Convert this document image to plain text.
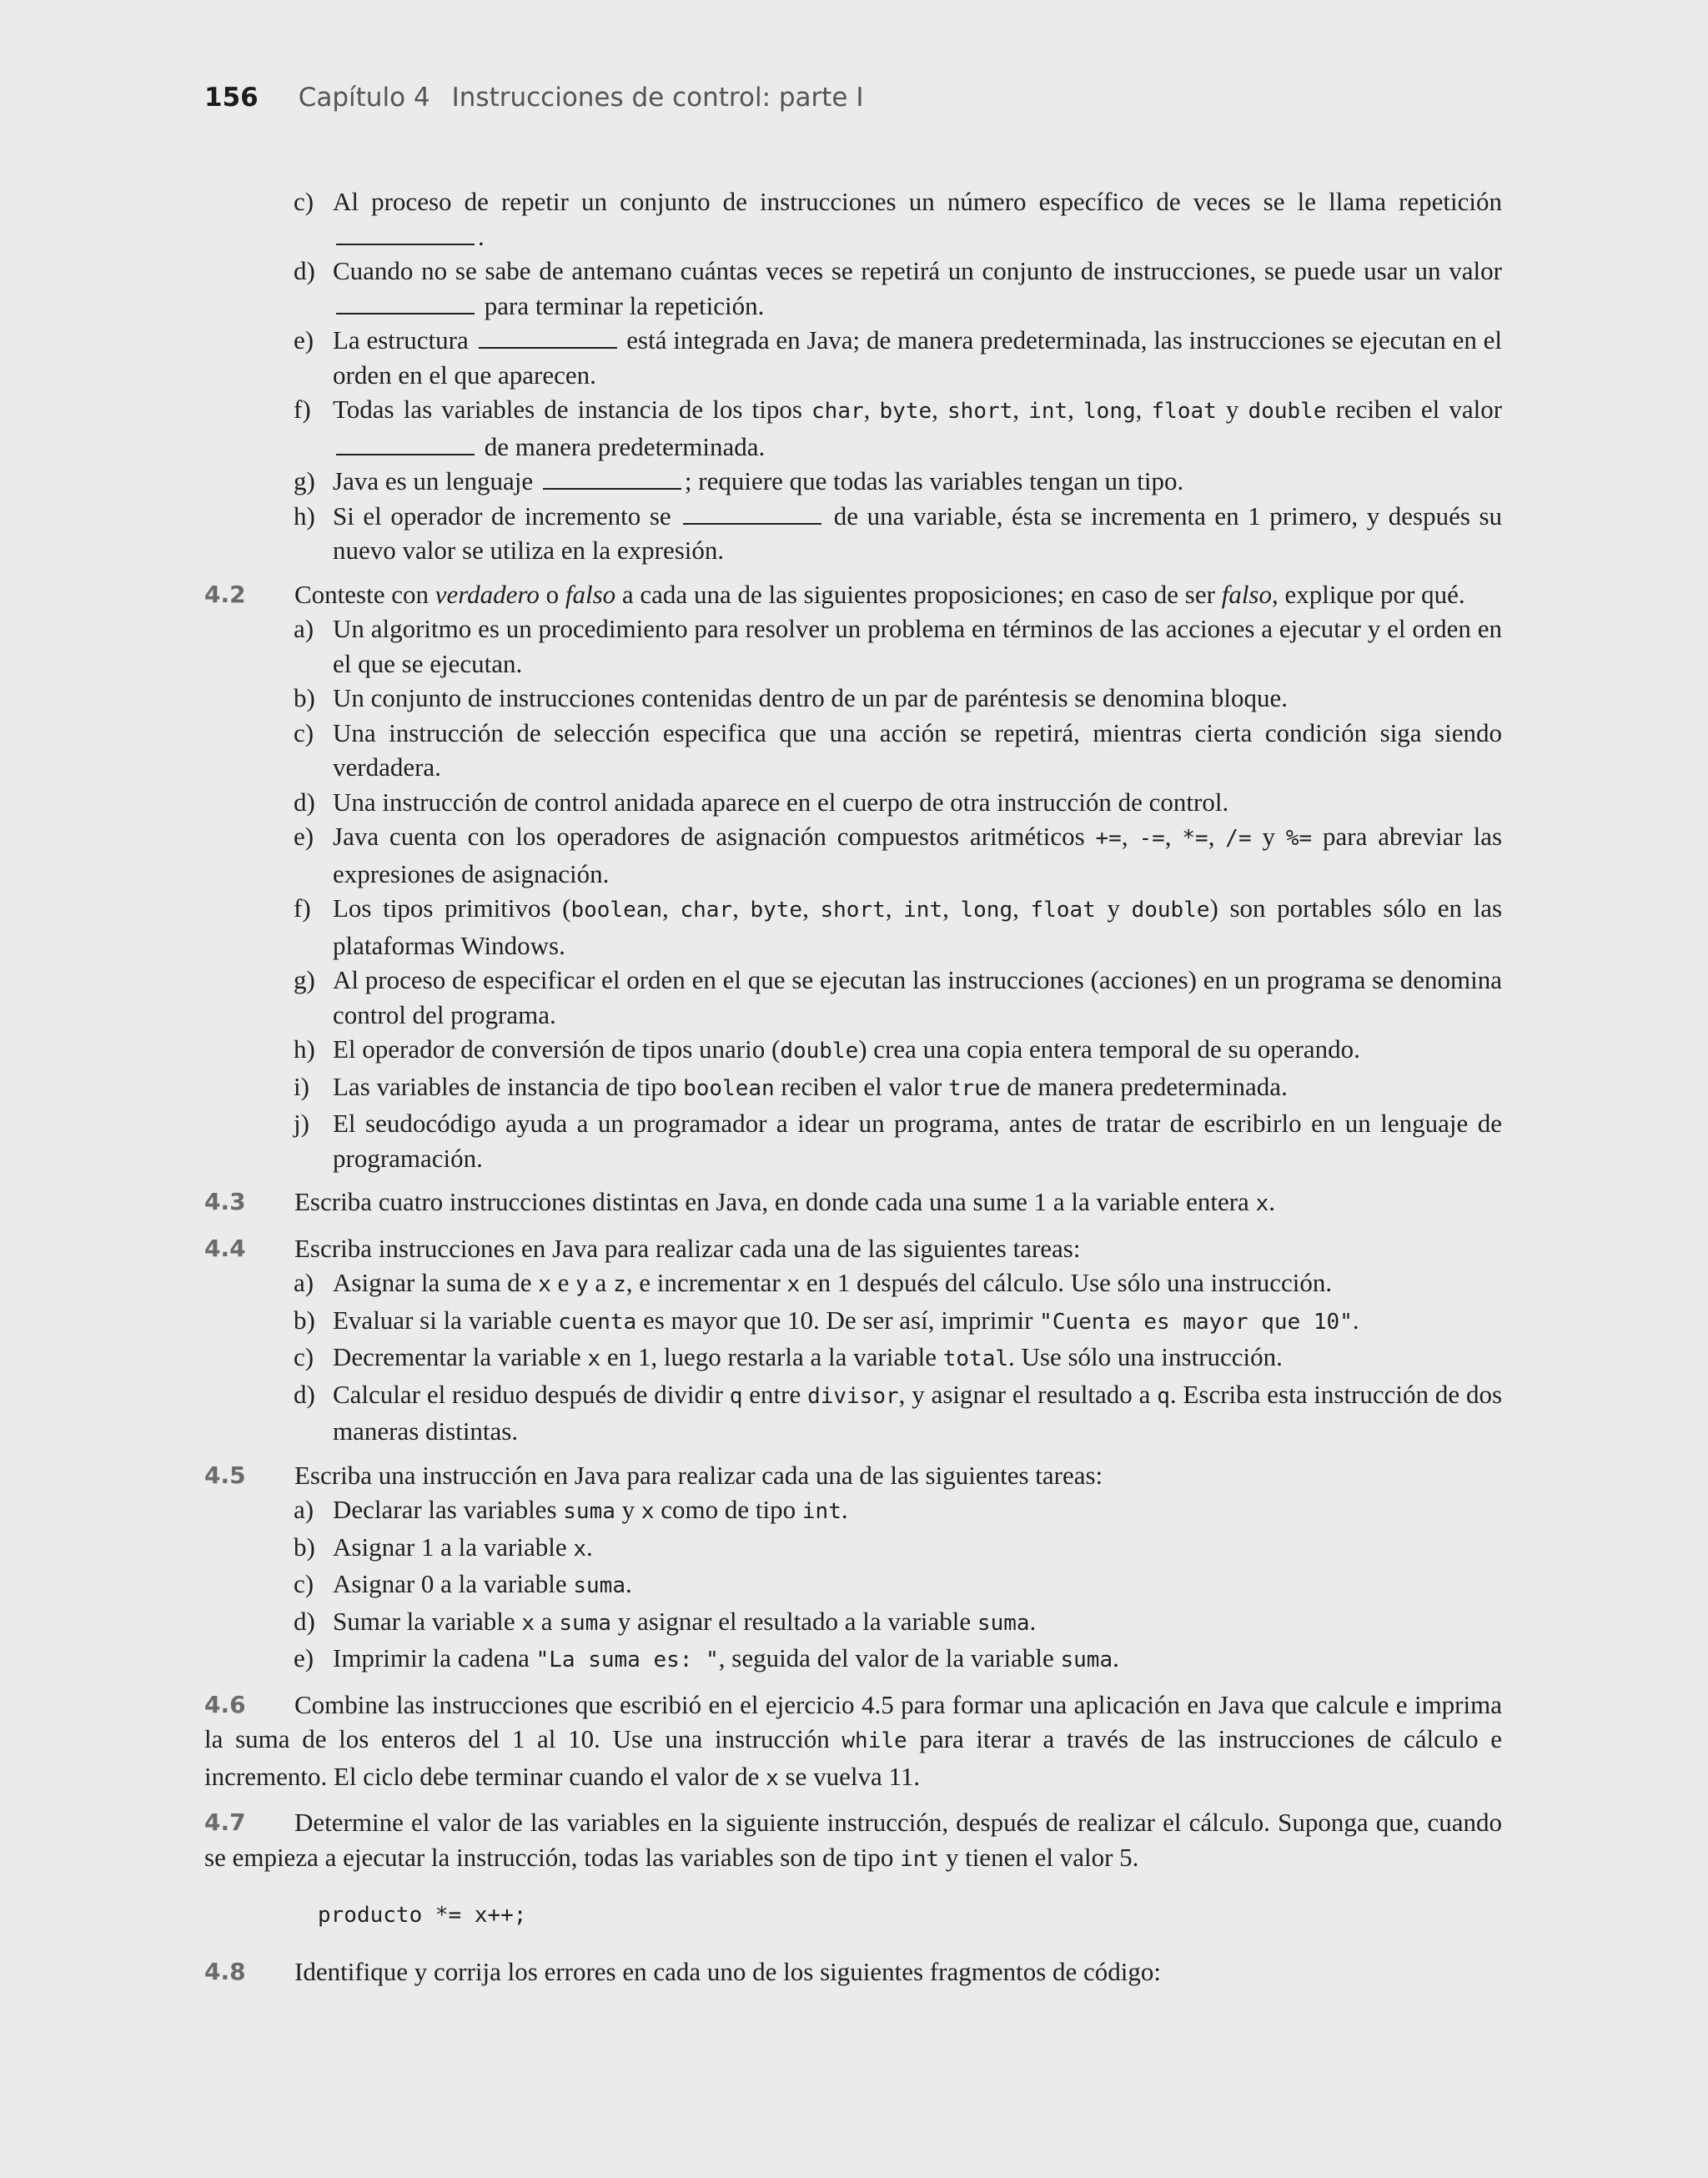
156 Capítulo 4 Instrucciones de control: parte I
c) Al proceso de repetir un conjunto de instrucciones un número específico de veces se le llama repetición .
d) Cuando no se sabe de antemano cuántas veces se repetirá un conjunto de instrucciones, se puede usar un valor  para terminar la repetición.
e) La estructura	está integrada en Java; de manera predeterminada, las instrucciones se ejecutan en el orden en el que aparecen.
f) Todas las variables de instancia de los tipos char, byte, short, int, long, float y double reciben el valor  de manera predeterminada.
g) Java es un lenguaje	; requiere que todas las variables tengan un tipo.
h) Si el operador de incremento se	de una variable, ésta se incrementa en 1 primero, y después su nuevo valor se utiliza en la expresión.

4.2 Conteste con verdadero o falso a cada una de las siguientes proposiciones; en caso de ser falso, explique por qué.

a) Un algoritmo es un procedimiento para resolver un problema en términos de las acciones a ejecutar y el orden en el que se ejecutan.
b) Un conjunto de instrucciones contenidas dentro de un par de paréntesis se denomina bloque.
c) Una instrucción de selección especifica que una acción se repetirá, mientras cierta condición siga siendo verdadera.
d) Una instrucción de control anidada aparece en el cuerpo de otra instrucción de control.
e) Java cuenta con los operadores de asignación compuestos aritméticos +=, -=, *=, /= y %= para abreviar las expresiones de asignación.
f) Los tipos primitivos (boolean, char, byte, short, int, long, float y double) son portables sólo en las plataformas Windows.
g) Al proceso de especificar el orden en el que se ejecutan las instrucciones (acciones) en un programa se denomina control del programa.
h) El operador de conversión de tipos unario (double) crea una copia entera temporal de su operando.
i) Las variables de instancia de tipo boolean reciben el valor true de manera predeterminada.
j) El seudocódigo ayuda a un programador a idear un programa, antes de tratar de escribirlo en un lenguaje de programación.

4.3 Escriba cuatro instrucciones distintas en Java, en donde cada una sume 1 a la variable entera x.

4.4 Escriba instrucciones en Java para realizar cada una de las siguientes tareas:

a) Asignar la suma de x e y a z, e incrementar x en 1 después del cálculo. Use sólo una instrucción.
b) Evaluar si la variable cuenta es mayor que 10. De ser así, imprimir "Cuenta es mayor que 10".
c) Decrementar la variable x en 1, luego restarla a la variable total. Use sólo una instrucción.
d) Calcular el residuo después de dividir q entre divisor, y asignar el resultado a q. Escriba esta instrucción de dos maneras distintas.

4.5 Escriba una instrucción en Java para realizar cada una de las siguientes tareas:

a) Declarar las variables suma y x como de tipo int.
b) Asignar 1 a la variable x.
c) Asignar 0 a la variable suma.
d) Sumar la variable x a suma y asignar el resultado a la variable suma.
e) Imprimir la cadena "La suma es: ", seguida del valor de la variable suma.

4.6 Combine las instrucciones que escribió en el ejercicio 4.5 para formar una aplicación en Java que calcule e imprima la suma de los enteros del 1 al 10. Use una instrucción while para iterar a través de las instrucciones de cálculo e incremento. El ciclo debe terminar cuando el valor de x se vuelva 11.

4.7 Determine el valor de las variables en la siguiente instrucción, después de realizar el cálculo. Suponga que, cuando se empieza a ejecutar la instrucción, todas las variables son de tipo int y tienen el valor 5.

producto *= x++;

4.8 Identifique y corrija los errores en cada uno de los siguientes fragmentos de código:
